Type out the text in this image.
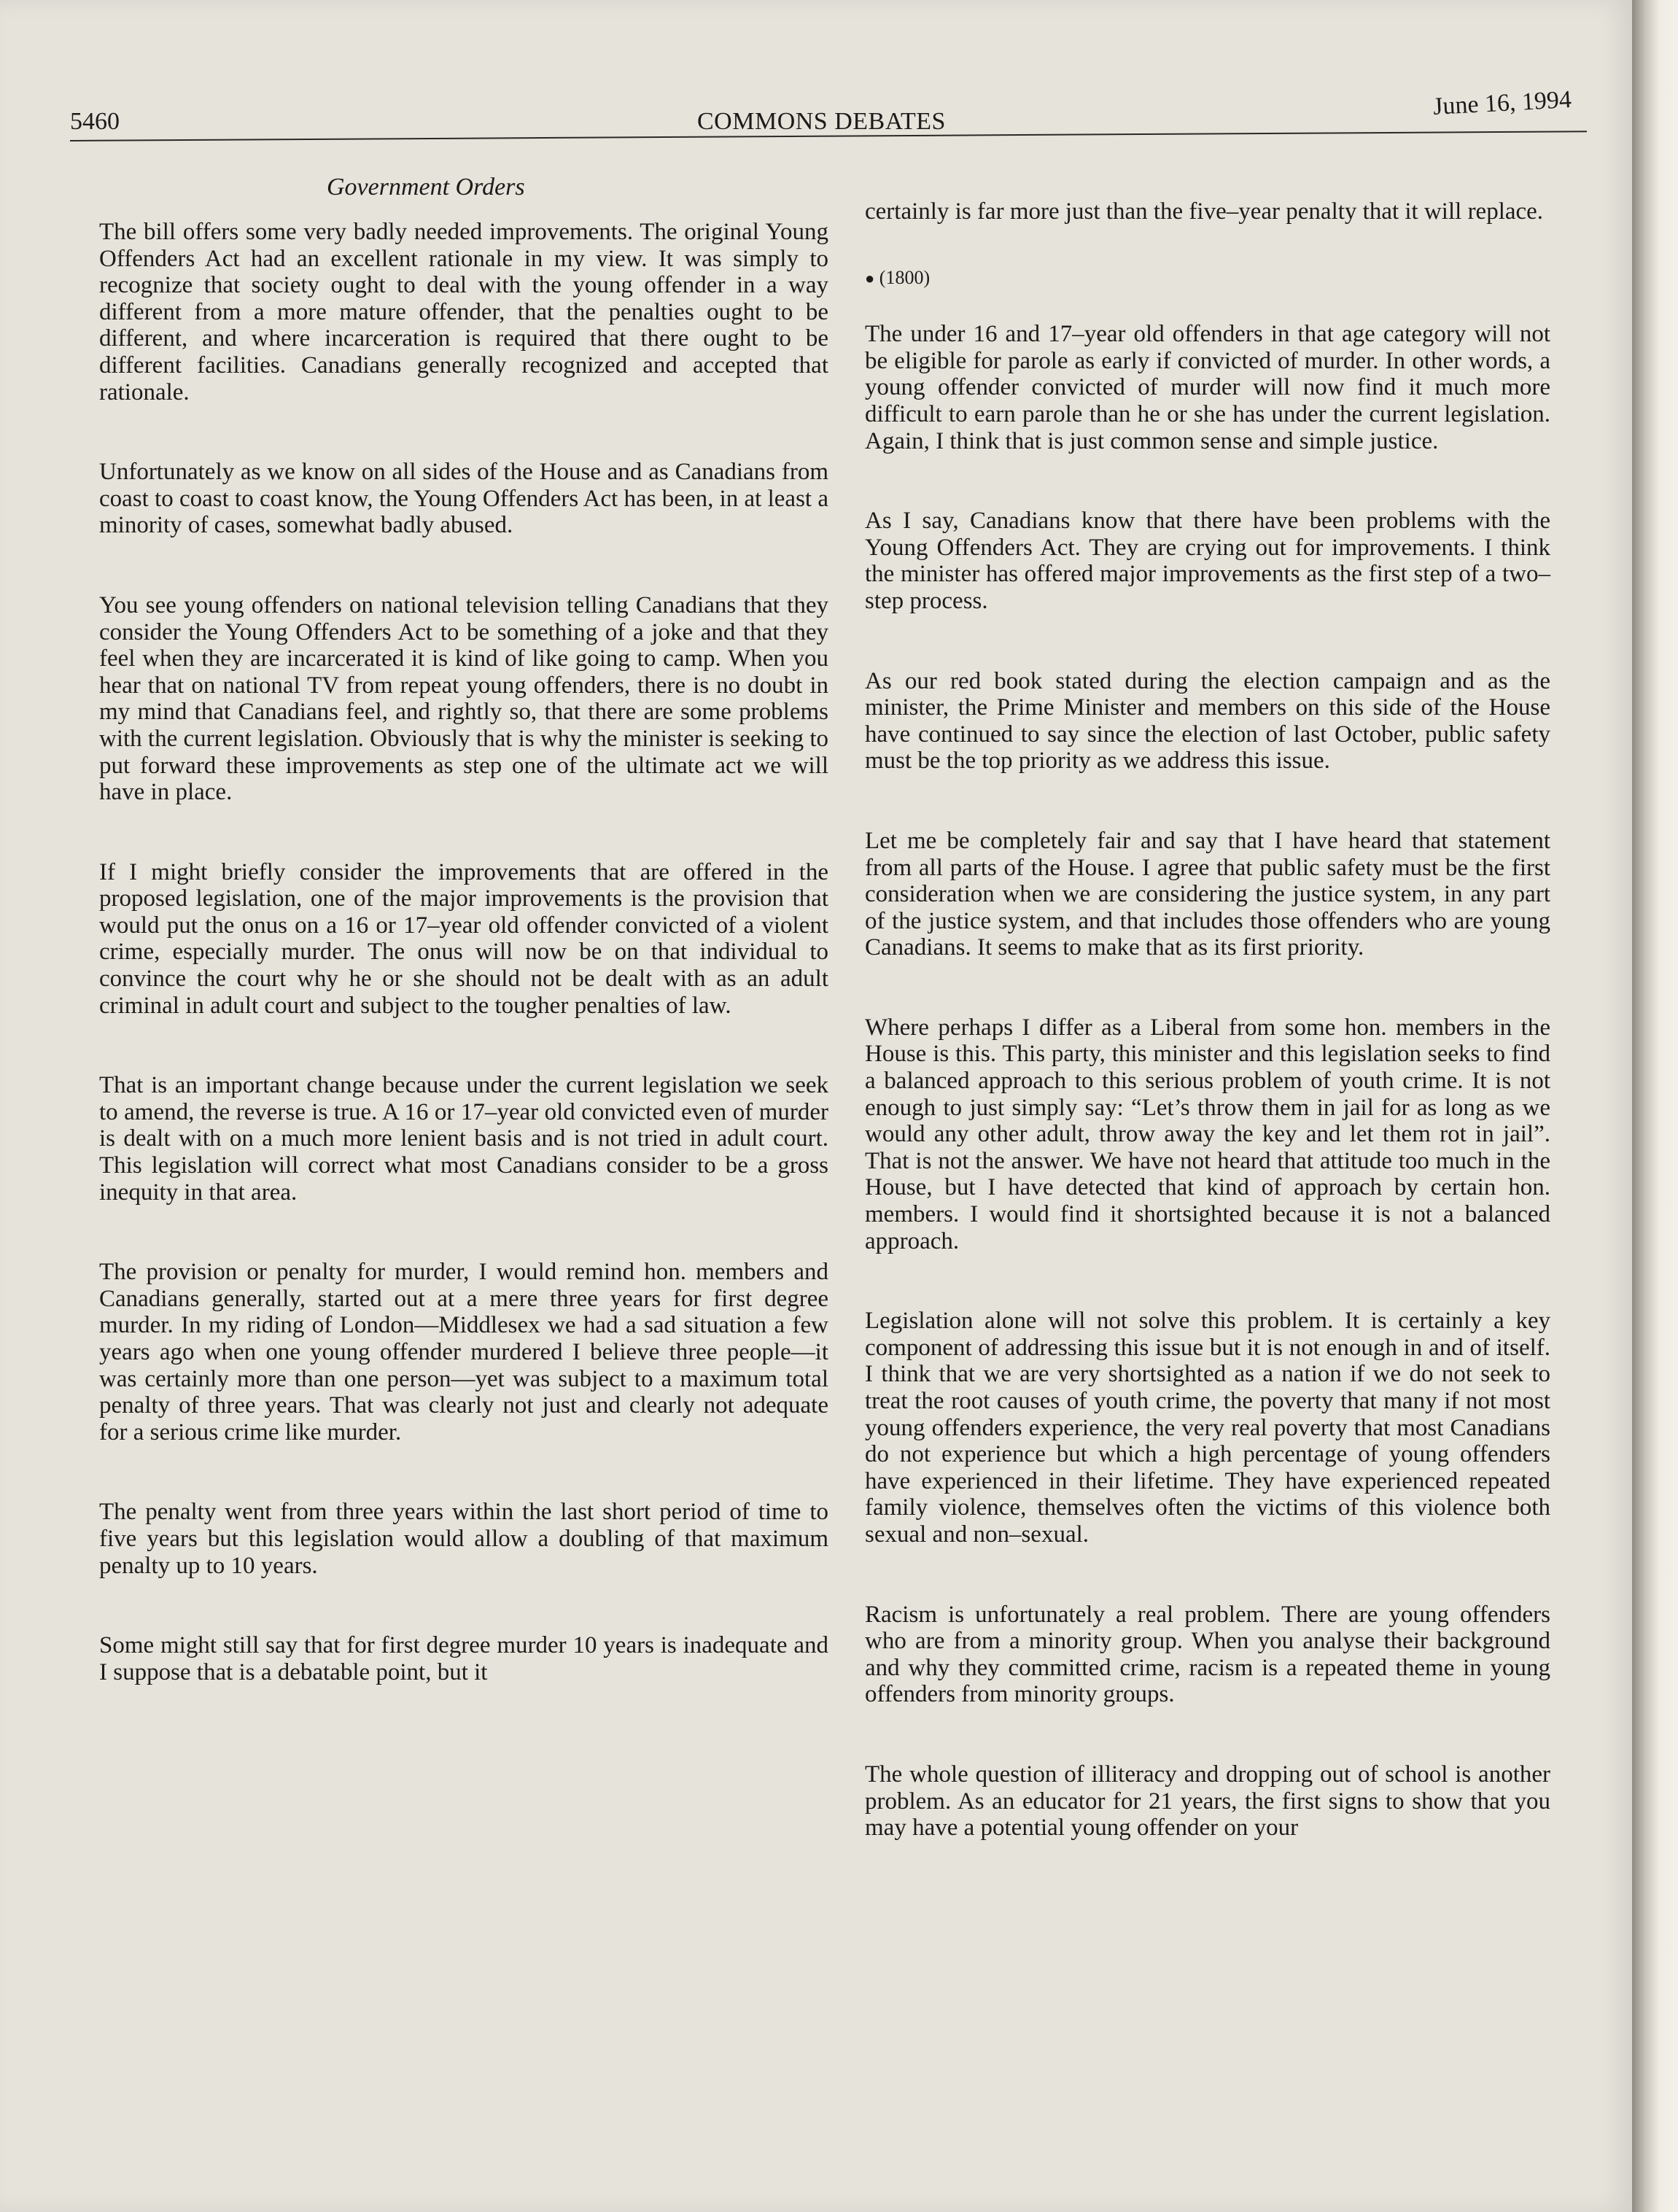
5460	COMMONS DEBATES
June 16, 1994
Government Orders

The bill offers some very badly needed improvements. The original Young Offenders Act had an excellent rationale in my view. It was simply to recognize that society ought to deal with the young offender in a way different from a more mature offender, that the penalties ought to be different, and where incarceration is required that there ought to be different facilities. Canadians generally recognized and accepted that rationale.

Unfortunately as we know on all sides of the House and as Canadians from coast to coast to coast know, the Young Offenders Act has been, in at least a minority of cases, somewhat badly abused.

You see young offenders on national television telling Canadians that they consider the Young Offenders Act to be something of a joke and that they feel when they are incarcerated it is kind of like going to camp. When you hear that on national TV from repeat young offenders, there is no doubt in my mind that Canadians feel, and rightly so, that there are some problems with the current legislation. Obviously that is why the minister is seeking to put forward these improvements as step one of the ultimate act we will have in place.

If I might briefly consider the improvements that are offered in the proposed legislation, one of the major improvements is the provision that would put the onus on a 16 or 17–year old offender convicted of a violent crime, especially murder. The onus will now be on that individual to convince the court why he or she should not be dealt with as an adult criminal in adult court and subject to the tougher penalties of law.

That is an important change because under the current legislation we seek to amend, the reverse is true. A 16 or 17–year old convicted even of murder is dealt with on a much more lenient basis and is not tried in adult court. This legislation will correct what most Canadians consider to be a gross inequity in that area.

The provision or penalty for murder, I would remind hon. members and Canadians generally, started out at a mere three years for first degree murder. In my riding of London—Middlesex we had a sad situation a few years ago when one young offender murdered I believe three people—it was certainly more than one person—yet was subject to a maximum total penalty of three years. That was clearly not just and clearly not adequate for a serious crime like murder.

The penalty went from three years within the last short period of time to five years but this legislation would allow a doubling of that maximum penalty up to 10 years.

Some might still say that for first degree murder 10 years is inadequate and I suppose that is a debatable point, but it

certainly is far more just than the five–year penalty that it will replace.

● (1800)

The under 16 and 17–year old offenders in that age category will not be eligible for parole as early if convicted of murder. In other words, a young offender convicted of murder will now find it much more difficult to earn parole than he or she has under the current legislation. Again, I think that is just common sense and simple justice.

As I say, Canadians know that there have been problems with the Young Offenders Act. They are crying out for improvements. I think the minister has offered major improvements as the first step of a two–step process.

As our red book stated during the election campaign and as the minister, the Prime Minister and members on this side of the House have continued to say since the election of last October, public safety must be the top priority as we address this issue.

Let me be completely fair and say that I have heard that statement from all parts of the House. I agree that public safety must be the first consideration when we are considering the justice system, in any part of the justice system, and that includes those offenders who are young Canadians. It seems to make that as its first priority.

Where perhaps I differ as a Liberal from some hon. members in the House is this. This party, this minister and this legislation seeks to find a balanced approach to this serious problem of youth crime. It is not enough to just simply say: “Let’s throw them in jail for as long as we would any other adult, throw away the key and let them rot in jail”. That is not the answer. We have not heard that attitude too much in the House, but I have detected that kind of approach by certain hon. members. I would find it shortsighted because it is not a balanced approach.

Legislation alone will not solve this problem. It is certainly a key component of addressing this issue but it is not enough in and of itself. I think that we are very shortsighted as a nation if we do not seek to treat the root causes of youth crime, the poverty that many if not most young offenders experience, the very real poverty that most Canadians do not experience but which a high percentage of young offenders have experienced in their lifetime. They have experienced repeated family violence, themselves often the victims of this violence both sexual and non–sexual.

Racism is unfortunately a real problem. There are young offenders who are from a minority group. When you analyse their background and why they committed crime, racism is a repeated theme in young offenders from minority groups.

The whole question of illiteracy and dropping out of school is another problem. As an educator for 21 years, the first signs to show that you may have a potential young offender on your
